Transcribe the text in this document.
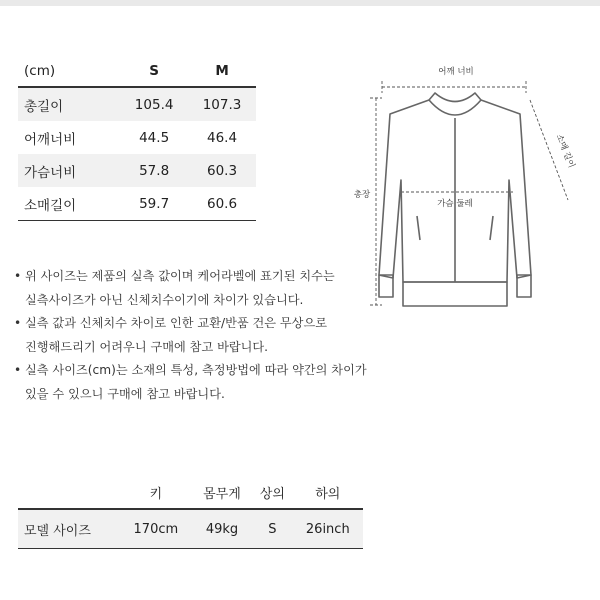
(cm)	S	M
총길이	105.4	107.3
어깨너비	44.5	46.4
가슴너비	57.8	60.3
소매길이	59.7	60.6
어깨 너비
총장
가슴 둘레
소매 길이
• 위 사이즈는 제품의 실측 값이며 케어라벨에 표기된 치수는
실측사이즈가 아닌 신체치수이기에 차이가 있습니다.
• 실측 값과 신체치수 차이로 인한 교환/반품 건은 무상으로
진행해드리기 어려우니 구매에 참고 바랍니다.
• 실측 사이즈(cm)는 소재의 특성, 측정방법에 따라 약간의 차이가
있을 수 있으니 구매에 참고 바랍니다.
	키	몸무게	상의	하의
모델 사이즈	170cm	49kg	S	26inch
